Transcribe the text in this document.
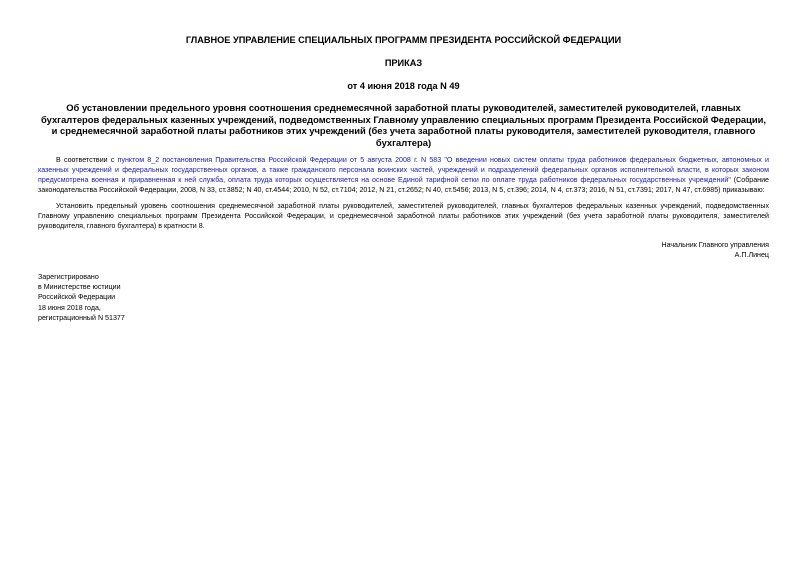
ГЛАВНОЕ УПРАВЛЕНИЕ СПЕЦИАЛЬНЫХ ПРОГРАММ ПРЕЗИДЕНТА РОССИЙСКОЙ ФЕДЕРАЦИИ
ПРИКАЗ
от 4 июня 2018 года N 49
Об установлении предельного уровня соотношения среднемесячной заработной платы руководителей, заместителей руководителей, главных бухгалтеров федеральных казенных учреждений, подведомственных Главному управлению специальных программ Президента Российской Федерации, и среднемесячной заработной платы работников этих учреждений (без учета заработной платы руководителя, заместителей руководителя, главного бухгалтера)
В соответствии с пунктом 8_2 постановления Правительства Российской Федерации от 5 августа 2008 г. N 583 "О введении новых систем оплаты труда работников федеральных бюджетных, автономных и казенных учреждений и федеральных государственных органов, а также гражданского персонала воинских частей, учреждений и подразделений федеральных органов исполнительной власти, в которых законом предусмотрена военная и приравненная к ней служба, оплата труда которых осуществляется на основе Единой тарифной сетки по оплате труда работников федеральных государственных учреждений" (Собрание законодательства Российской Федерации, 2008, N 33, ст.3852; N 40, ст.4544; 2010, N 52, ст.7104; 2012, N 21, ст.2652; N 40, ст.5456; 2013, N 5, ст.396; 2014, N 4, ст.373; 2016, N 51, ст.7391; 2017, N 47, ст.6985) приказываю:
Установить предельный уровень соотношения среднемесячной заработной платы руководителей, заместителей руководителей, главных бухгалтеров федеральных казенных учреждений, подведомственных Главному управлению специальных программ Президента Российской Федерации, и среднемесячной заработной платы работников этих учреждений (без учета заработной платы руководителя, заместителей руководителя, главного бухгалтера) в кратности 8.
Начальник Главного управления
А.П.Линец
Зарегистрировано
в Министерстве юстиции
Российской Федерации
18 июня 2018 года,
регистрационный N 51377
